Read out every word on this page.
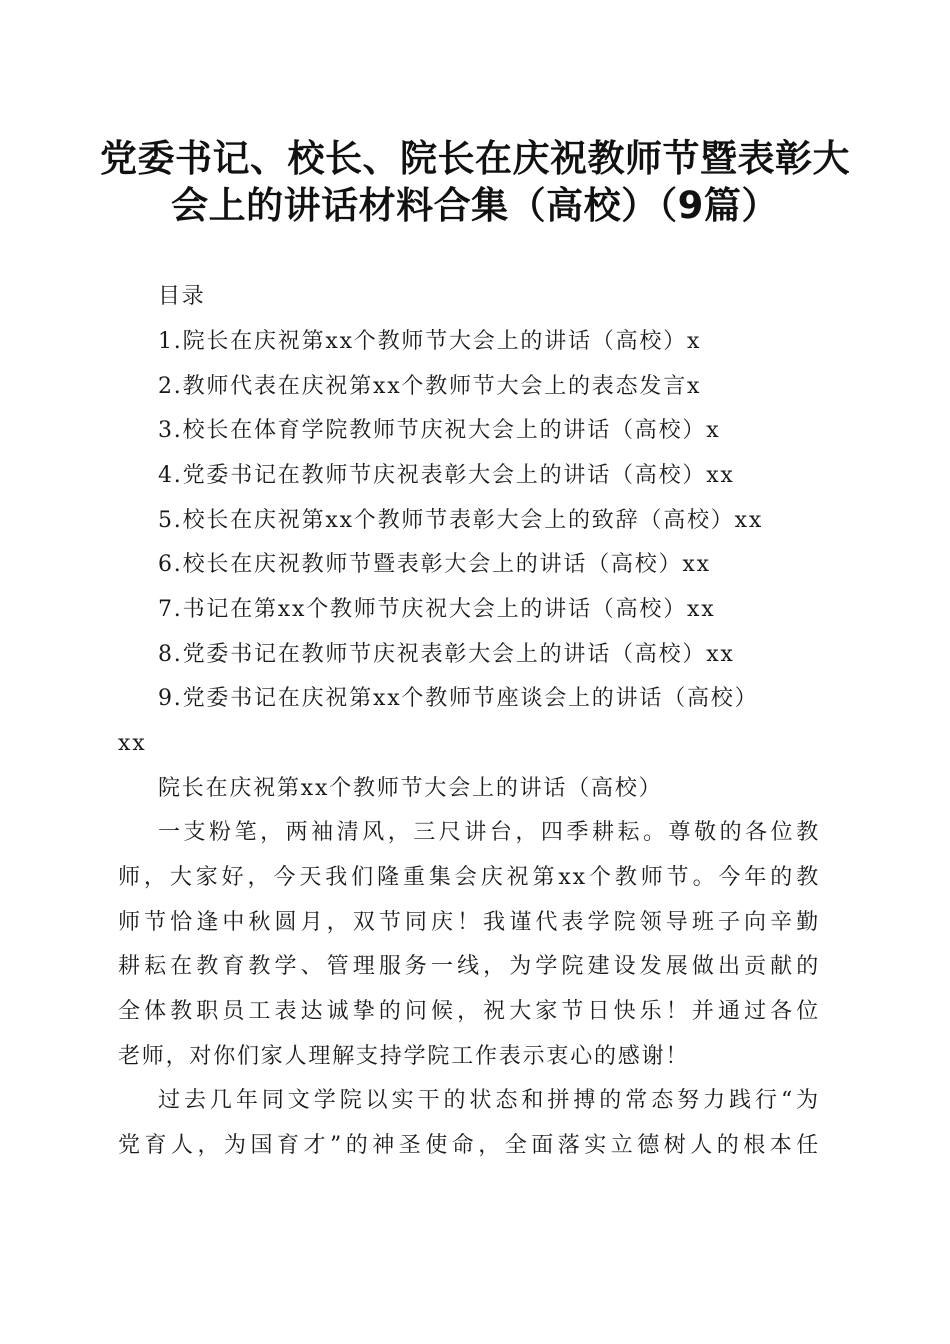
党委书记、校长、院长在庆祝教师节暨表彰大
会上的讲话材料合集（高校）（9篇）

目录

1.院长在庆祝第xx个教师节大会上的讲话（高校）x

2.教师代表在庆祝第xx个教师节大会上的表态发言x

3.校长在体育学院教师节庆祝大会上的讲话（高校）x

4.党委书记在教师节庆祝表彰大会上的讲话（高校）xx

5.校长在庆祝第xx个教师节表彰大会上的致辞（高校）xx

6.校长在庆祝教师节暨表彰大会上的讲话（高校）xx

7.书记在第xx个教师节庆祝大会上的讲话（高校）xx

8.党委书记在教师节庆祝表彰大会上的讲话（高校）xx

9.党委书记在庆祝第xx个教师节座谈会上的讲话（高校）

xx

院长在庆祝第xx个教师节大会上的讲话（高校）

一支粉笔，两袖清风，三尺讲台，四季耕耘。尊敬的各位教

师，大家好，今天我们隆重集会庆祝第xx个教师节。今年的教

师节恰逢中秋圆月，双节同庆！我谨代表学院领导班子向辛勤

耕耘在教育教学、管理服务一线，为学院建设发展做出贡献的

全体教职员工表达诚挚的问候，祝大家节日快乐！并通过各位

老师，对你们家人理解支持学院工作表示衷心的感谢！

过去几年同文学院以实干的状态和拼搏的常态努力践行“为

党育人，为国育才”的神圣使命，全面落实立德树人的根本任
